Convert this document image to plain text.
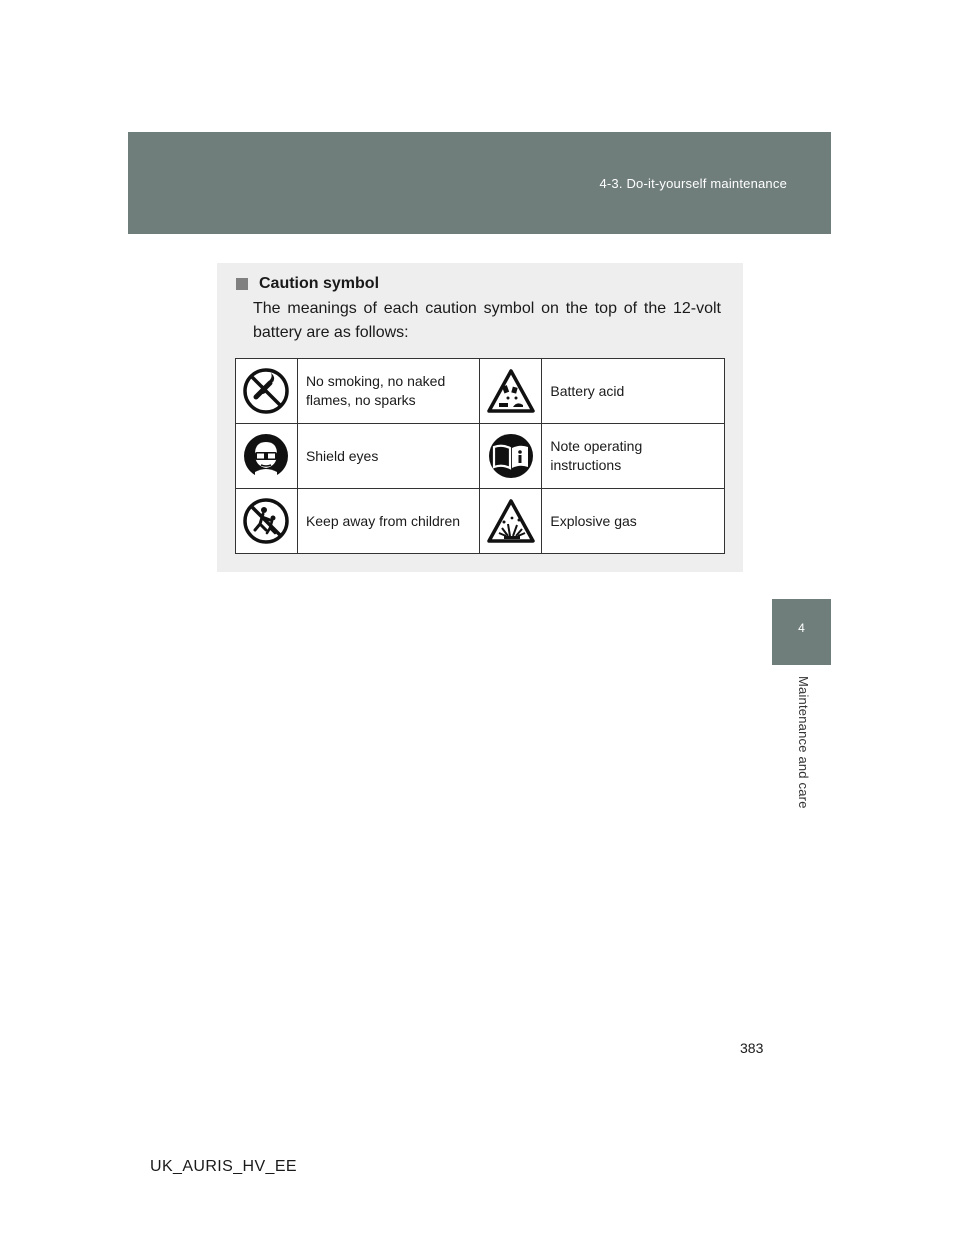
4-3. Do-it-yourself maintenance
4
Maintenance and care
Caution symbol
The meanings of each caution symbol on the top of the 12-volt battery are as follows:
	No smoking, no naked flames, no sparks		Battery acid

	Shield eyes		Note operating instructions

	Keep away from children		Explosive gas
383
UK_AURIS_HV_EE
